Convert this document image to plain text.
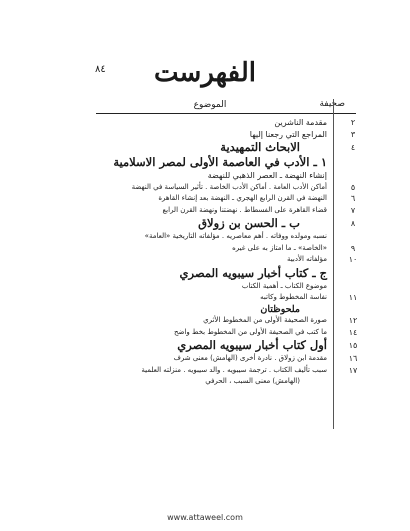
٨٤	الفهرست
صحيفة
الموضوع
٢
مقدمة الناشرين
٣
المراجع التي رجعنا إليها
٤
الابحاث التمهيدية
١ ـ الأدب في العاصمة الأولى لمصر الاسلامية
إنشاء النهضة ـ العصر الذهبي للنهضة
٥
أماكن الأدب العامة . أماكن الأدب الخاصة . تأثير السياسة في النهضة
٦
النهضة في القرن الرابع الهجري ـ النهضة بعد إنشاء القاهرة
٧
قضاء القاهرة على الفسطاط . نهضتنا ونهضة القرن الرابع
٨
ب ـ الحسن بن زولاق
نسبه ومولده ووفاته . أهم معاصريه . مؤلفاته التاريخية «العامة»
٩
«الخاصة» ـ ما امتاز به على غيره
١٠
مؤلفاته الأدبية
ج ـ كتاب أخبار سيبويه المصري
موضوع الكتاب ـ أهمية الكتاب
١١
نفاسة المخطوط وكاتبه
ملحوظتان
١٢
صورة الصحيفة الأولى من المخطوط الأثري
١٤
ما كتب في الصحيفة الأولى من المخطوط بخط واضح
١٥
أول كتاب أخبار سيبويه المصري
١٦
مقدمة ابن زولاق . نادرة أخرى (الهامش) معنى شرف
١٧
سبب تأليف الكتاب . ترجمة سيبويه . والد سيبويه . منزلته العلمية
(الهامش) معنى السبب ، الحرفي
www.attaweel.com
